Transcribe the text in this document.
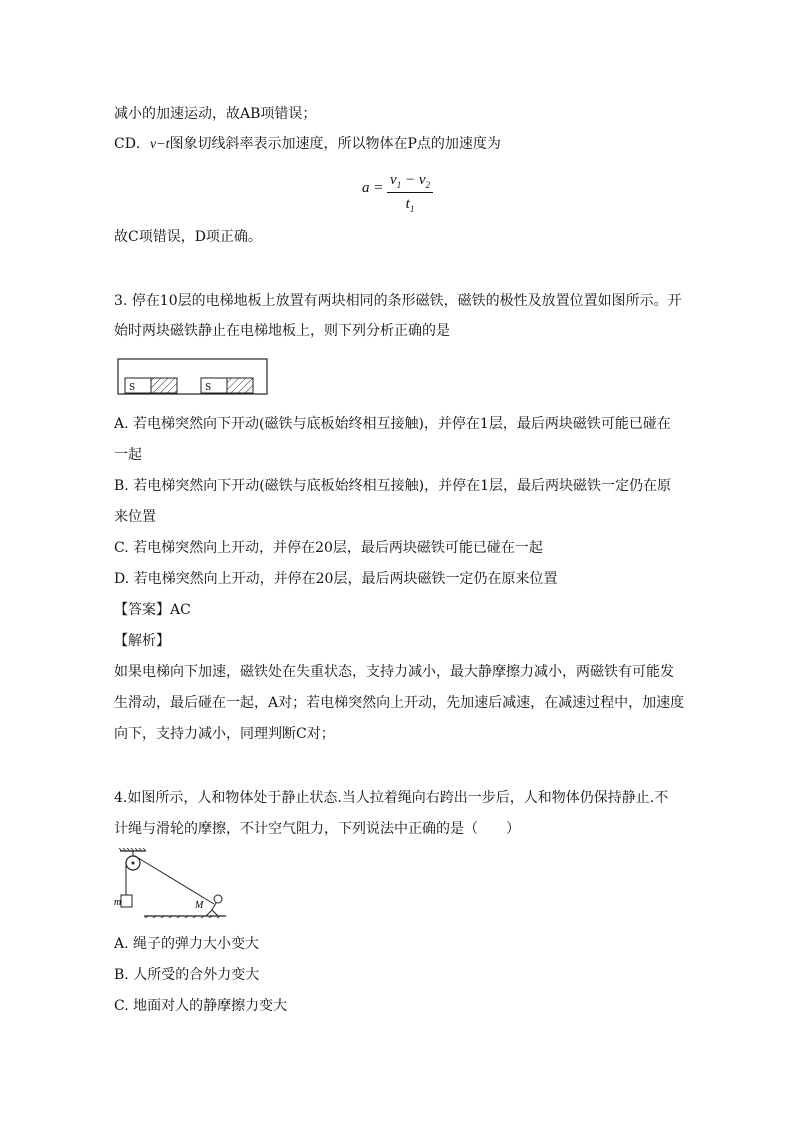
减小的加速运动，故AB项错误；
CD．v−t图象切线斜率表示加速度，所以物体在P点的加速度为
$a = v_1 - v_2$
$t_1$
故C项错误，D项正确。
3. 停在10层的电梯地板上放置有两块相同的条形磁铁，磁铁的极性及放置位置如图所示。开
始时两块磁铁静止在电梯地板上，则下列分析正确的是
S	S
A. 若电梯突然向下开动(磁铁与底板始终相互接触)，并停在1层，最后两块磁铁可能已碰在
一起
B. 若电梯突然向下开动(磁铁与底板始终相互接触)，并停在1层，最后两块磁铁一定仍在原
来位置
C. 若电梯突然向上开动，并停在20层，最后两块磁铁可能已碰在一起
D. 若电梯突然向上开动，并停在20层，最后两块磁铁一定仍在原来位置
【答案】AC
【解析】
如果电梯向下加速，磁铁处在失重状态，支持力减小，最大静摩擦力减小，两磁铁有可能发
生滑动，最后碰在一起，A对；若电梯突然向上开动，先加速后减速，在减速过程中，加速度
向下，支持力减小，同理判断C对；
4.如图所示，人和物体处于静止状态.当人拉着绳向右跨出一步后，人和物体仍保持静止.不
计绳与滑轮的摩擦，不计空气阻力，下列说法中正确的是（　　）
m	M
A. 绳子的弹力大小变大
B. 人所受的合外力变大
C. 地面对人的静摩擦力变大
